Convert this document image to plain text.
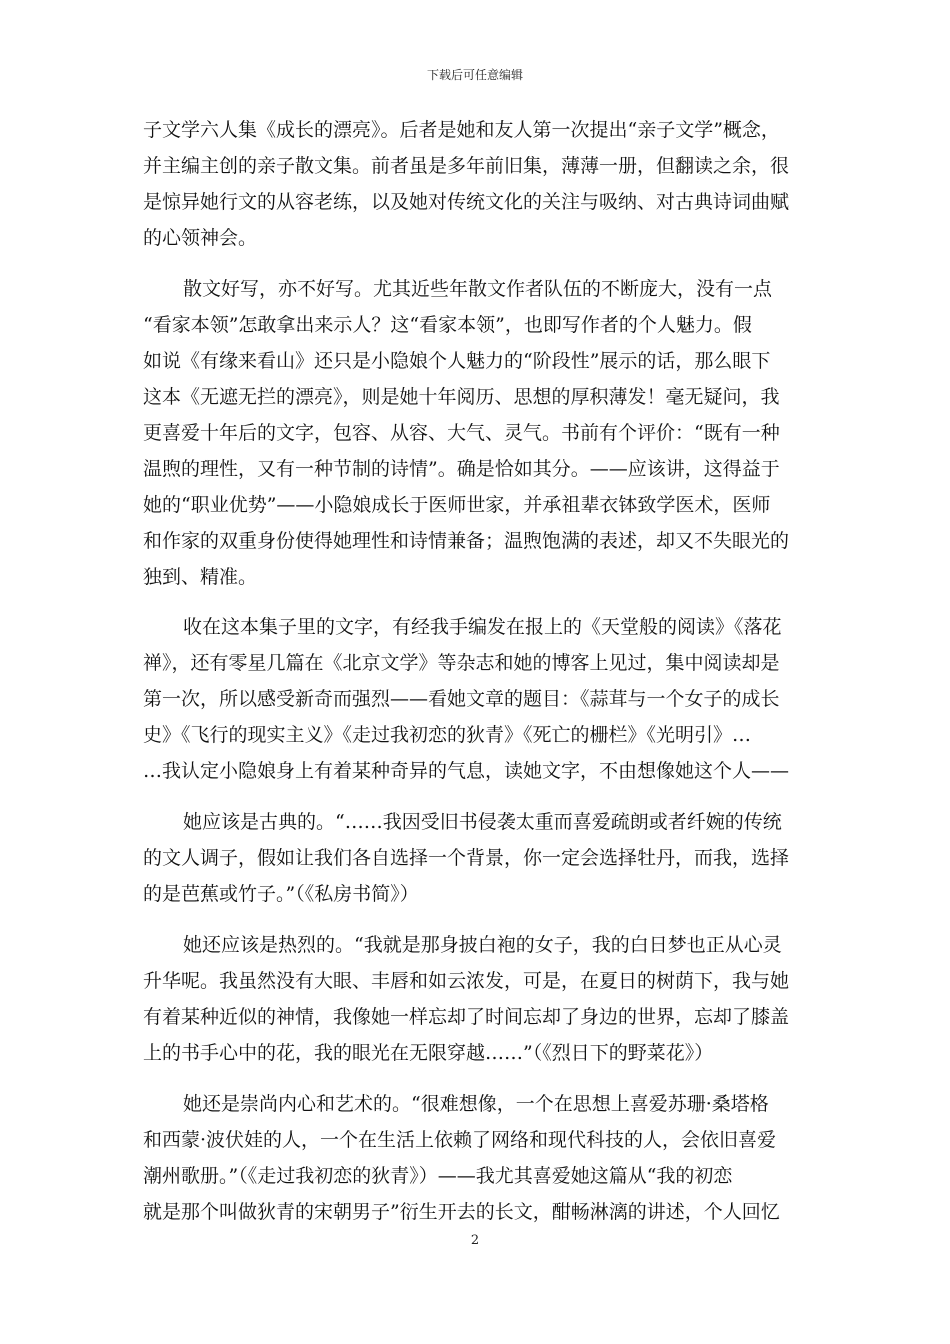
下载后可任意编辑
子文学六人集《成长的漂亮》。后者是她和友人第一次提出“亲子文学”概念，
并主编主创的亲子散文集。前者虽是多年前旧集，薄薄一册，但翻读之余，很
是惊异她行文的从容老练，以及她对传统文化的关注与吸纳、对古典诗词曲赋
的心领神会。
散文好写，亦不好写。尤其近些年散文作者队伍的不断庞大，没有一点
“看家本领”怎敢拿出来示人？这“看家本领”，也即写作者的个人魅力。假
如说《有缘来看山》还只是小隐娘个人魅力的“阶段性”展示的话，那么眼下
这本《无遮无拦的漂亮》，则是她十年阅历、思想的厚积薄发！毫无疑问，我
更喜爱十年后的文字，包容、从容、大气、灵气。书前有个评价：“既有一种
温煦的理性，又有一种节制的诗情”。确是恰如其分。——应该讲，这得益于
她的“职业优势”——小隐娘成长于医师世家，并承祖辈衣钵致学医术，医师
和作家的双重身份使得她理性和诗情兼备；温煦饱满的表述，却又不失眼光的
独到、精准。
收在这本集子里的文字，有经我手编发在报上的《天堂般的阅读》《落花
禅》，还有零星几篇在《北京文学》等杂志和她的博客上见过，集中阅读却是
第一次，所以感受新奇而强烈——看她文章的题目：《蒜茸与一个女子的成长
史》《飞行的现实主义》《走过我初恋的狄青》《死亡的栅栏》《光明引》…
…我认定小隐娘身上有着某种奇异的气息，读她文字，不由想像她这个人——
她应该是古典的。“……我因受旧书侵袭太重而喜爱疏朗或者纤婉的传统
的文人调子，假如让我们各自选择一个背景，你一定会选择牡丹，而我，选择
的是芭蕉或竹子。”（《私房书简》）
她还应该是热烈的。“我就是那身披白袍的女子，我的白日梦也正从心灵
升华呢。我虽然没有大眼、丰唇和如云浓发，可是，在夏日的树荫下，我与她
有着某种近似的神情，我像她一样忘却了时间忘却了身边的世界，忘却了膝盖
上的书手心中的花，我的眼光在无限穿越……”（《烈日下的野菜花》）
她还是崇尚内心和艺术的。“很难想像，一个在思想上喜爱苏珊·桑塔格
和西蒙·波伏娃的人，一个在生活上依赖了网络和现代科技的人，会依旧喜爱
潮州歌册。”（《走过我初恋的狄青》）——我尤其喜爱她这篇从“我的初恋
就是那个叫做狄青的宋朝男子”衍生开去的长文，酣畅淋漓的讲述，个人回忆
2
